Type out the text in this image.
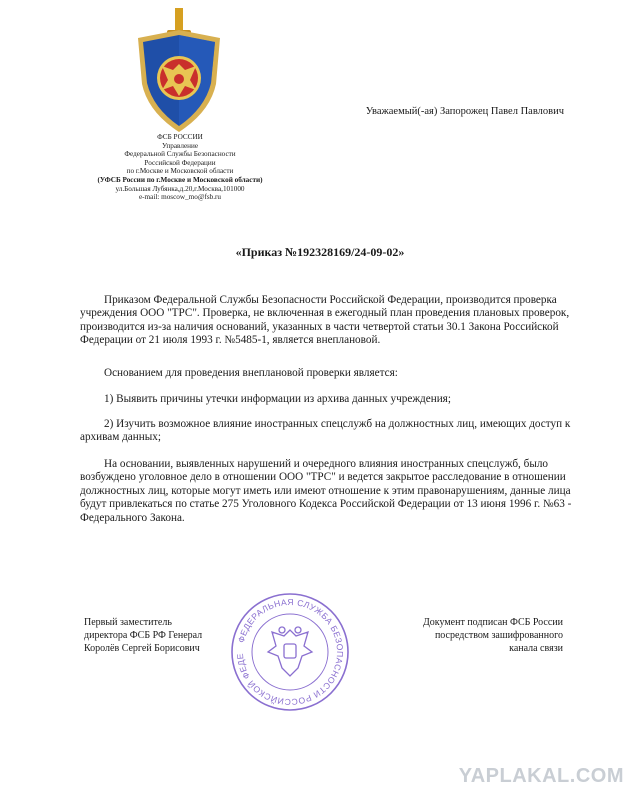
ФСБ РОССИИ
Управление
Федеральной Службы Безопасности
Российской Федерации
по г.Москве и Московской области
(УФСБ России по г.Москве и Московской области)
ул.Большая Лубянка,д.20,г.Москва,101000
e-mail: moscow_mo@fsb.ru
Уважаемый(-ая) Запорожец Павел Павлович
«Приказ №192328169/24-09-02»
Приказом Федеральной Службы Безопасности Российской Федерации, производится проверка учреждения ООО "ТРС". Проверка, не включенная в ежегодный план проведения плановых проверок, производится из-за наличия оснований, указанных в части четвертой статьи 30.1 Закона Российской Федерации от 21 июля 1993 г. №5485-1, является внеплановой.
Основанием для проведения внеплановой проверки является:
1) Выявить причины утечки информации из архива данных учреждения;
2) Изучить возможное влияние иностранных спецслужб на должностных лиц, имеющих доступ к архивам данных;
На основании, выявленных нарушений и очередного влияния иностранных спецслужб, было возбуждено уголовное дело в отношении ООО "ТРС" и ведется закрытое расследование в отношении должностных лиц, которые могут иметь или имеют отношение к этим правонарушениям, данные лица будут привлекаться по статье 275 Уголовного Кодекса Российской Федерации от 13 июня 1996 г. №63 - Федерального Закона.
ФЕДЕРАЛЬНАЯ СЛУЖБА БЕЗОПАСНОСТИ РОССИЙСКОЙ ФЕДЕ
Первый заместитель
директора ФСБ РФ Генерал
Королёв Сергей Борисович
Документ подписан ФСБ России
посредством зашифрованного
канала связи
YAPLAKAL.COM
